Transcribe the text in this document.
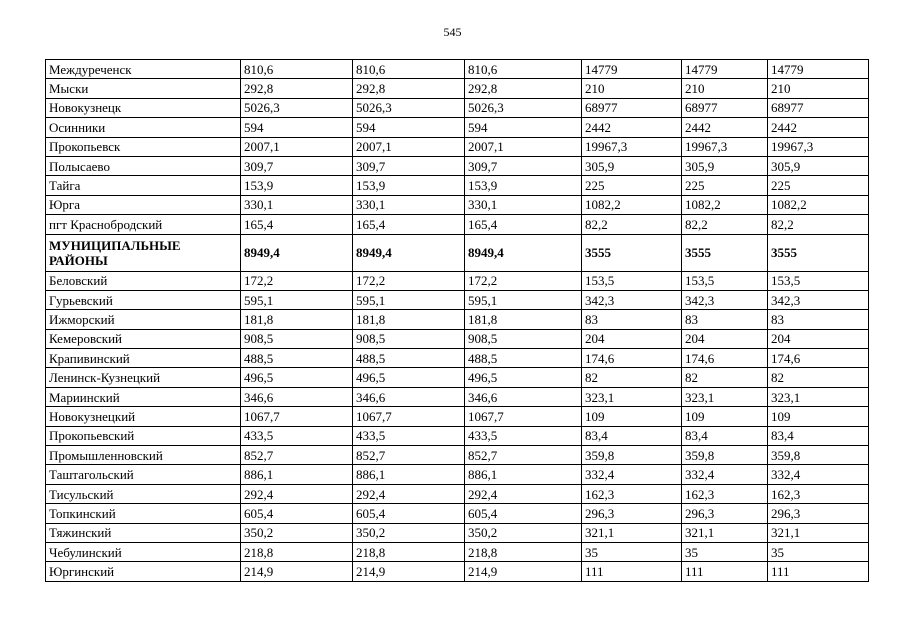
545
Междуреченск	810,6	810,6	810,6	14779	14779	14779
Мыски	292,8	292,8	292,8	210	210	210
Новокузнецк	5026,3	5026,3	5026,3	68977	68977	68977
Осинники	594	594	594	2442	2442	2442
Прокопьевск	2007,1	2007,1	2007,1	19967,3	19967,3	19967,3
Полысаево	309,7	309,7	309,7	305,9	305,9	305,9
Тайга	153,9	153,9	153,9	225	225	225
Юрга	330,1	330,1	330,1	1082,2	1082,2	1082,2
пгт Краснобродский	165,4	165,4	165,4	82,2	82,2	82,2
МУНИЦИПАЛЬНЫЕ РАЙОНЫ	8949,4	8949,4	8949,4	3555	3555	3555
Беловский	172,2	172,2	172,2	153,5	153,5	153,5
Гурьевский	595,1	595,1	595,1	342,3	342,3	342,3
Ижморский	181,8	181,8	181,8	83	83	83
Кемеровский	908,5	908,5	908,5	204	204	204
Крапивинский	488,5	488,5	488,5	174,6	174,6	174,6
Ленинск-Кузнецкий	496,5	496,5	496,5	82	82	82
Мариинский	346,6	346,6	346,6	323,1	323,1	323,1
Новокузнецкий	1067,7	1067,7	1067,7	109	109	109
Прокопьевский	433,5	433,5	433,5	83,4	83,4	83,4
Промышленновский	852,7	852,7	852,7	359,8	359,8	359,8
Таштагольский	886,1	886,1	886,1	332,4	332,4	332,4
Тисульский	292,4	292,4	292,4	162,3	162,3	162,3
Топкинский	605,4	605,4	605,4	296,3	296,3	296,3
Тяжинский	350,2	350,2	350,2	321,1	321,1	321,1
Чебулинский	218,8	218,8	218,8	35	35	35
Юргинский	214,9	214,9	214,9	111	111	111
